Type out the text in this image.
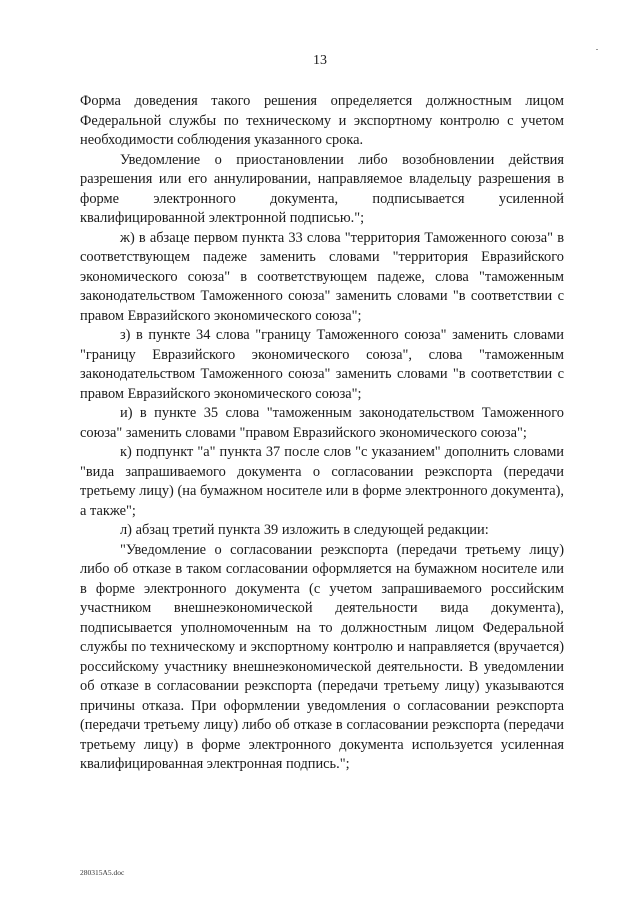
13

Форма доведения такого решения определяется должностным лицом Федеральной службы по техническому и экспортному контролю с учетом необходимости соблюдения указанного срока.

Уведомление о приостановлении либо возобновлении действия разрешения или его аннулировании, направляемое владельцу разрешения в форме электронного документа, подписывается усиленной квалифицированной электронной подписью.";

ж) в абзаце первом пункта 33 слова "территория Таможенного союза" в соответствующем падеже заменить словами "территория Евразийского экономического союза" в соответствующем падеже, слова "таможенным законодательством Таможенного союза" заменить словами "в соответствии с правом Евразийского экономического союза";

з) в пункте 34 слова "границу Таможенного союза" заменить словами "границу Евразийского экономического союза", слова "таможенным законодательством Таможенного союза" заменить словами "в соответствии с правом Евразийского экономического союза";

и) в пункте 35 слова "таможенным законодательством Таможенного союза" заменить словами "правом Евразийского экономического союза";

к) подпункт "а" пункта 37 после слов "с указанием" дополнить словами "вида запрашиваемого документа о согласовании реэкспорта (передачи третьему лицу) (на бумажном носителе или в форме электронного документа), а также";

л) абзац третий пункта 39 изложить в следующей редакции:

"Уведомление о согласовании реэкспорта (передачи третьему лицу) либо об отказе в таком согласовании оформляется на бумажном носителе или в форме электронного документа (с учетом запрашиваемого российским участником внешнеэкономической деятельности вида документа), подписывается уполномоченным на то должностным лицом Федеральной службы по техническому и экспортному контролю и направляется (вручается) российскому участнику внешнеэкономической деятельности. В уведомлении об отказе в согласовании реэкспорта (передачи третьему лицу) указываются причины отказа. При оформлении уведомления о согласовании реэкспорта (передачи третьему лицу) либо об отказе в согласовании реэкспорта (передачи третьему лицу) в форме электронного документа используется усиленная квалифицированная электронная подпись.";

280315A5.doc
